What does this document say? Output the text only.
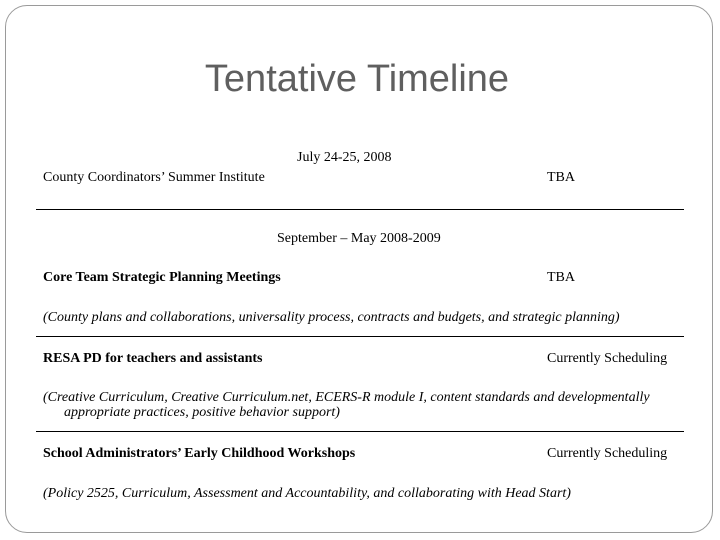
Tentative Timeline
July 24-25, 2008
County Coordinators’ Summer Institute	TBA
September – May 2008-2009
Core Team Strategic Planning Meetings	TBA
(County plans and collaborations, universality process, contracts and budgets, and strategic planning)
RESA PD for teachers and assistants	Currently Scheduling
(Creative Curriculum, Creative Curriculum.net, ECERS-R module I, content standards and developmentally
appropriate practices, positive behavior support)
School Administrators’ Early Childhood Workshops	Currently Scheduling
(Policy 2525, Curriculum, Assessment and Accountability, and collaborating with Head Start)
